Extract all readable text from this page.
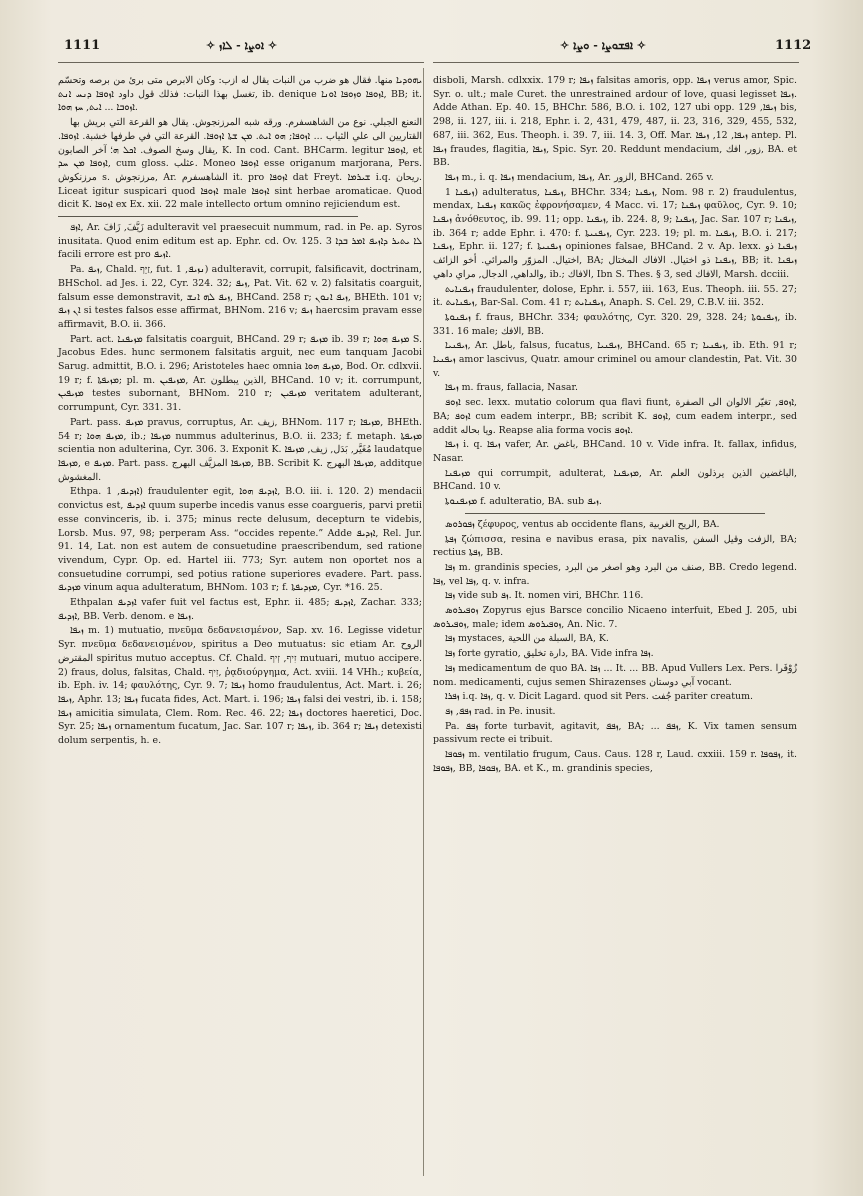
1111	✧ ܐܘܨܐ - ܠܐܙ ✧	✧ ܐܦܫܘܨܐ - ܘܨܐ ✧	1112

ܝܗܘܕܝܐ منها. فقال هو ضرب من النبات يقال له ازب: وكان الابرص متى برئ من برصه وتحسّم تغسل بهذا النبات: فذلك قول داود ܐܙܘܦܐ ܕܢܚ ܐܢܬ, ib. denique ܐܙܘܦܐ ܘܙܘܦܐ ܐܘܢܐ, BB; it. ܐܙܘܒܐ ... ܐܝܬ, ܚܙ ܗܘܐ.

النعنع الجبلي. نوع من الشاهسفرم. ورقه شبه المرزنجوش. يقال هو القرعة التي بريش بها القتاريين الى علي الثياب ... ܐܙܘܦܐ; ܗܘ ܐܝܬ. ܡܢ ܫܬܐ ܐܙܘܦܐ. القرعة التي في طرفها خشبة. ܐܙܘܦܐ. يقال وسخ الصوف. ܐܟܠ ܗ؛ آخر الصابون, K. In cod. Cant. BHCarm. legitur ܐܙܘܦܐ, et ܐܙܘܦܐ ܡܢ ܚܕ, cum gloss. عثلب. Moneo ܐܙܘܦܐ esse origanum marjorana, Pers. مرزنكوش s. مرزنجوش, Ar. الشاهسفرم it. pro ܐܙܘܦܐ dat Freyt. ܫܝܪܡܐ i.q. ريحان. Liceat igitur suspicari quod ܐܙܘܦܐ male ܐܙܘܦܐ sint herbae aromaticae. Quod dicit K. ܐܙܘܦܐ ex Ex. xii. 22 male intellecto ortum omnino rejiciendum est.

ܐܙܦ, Ar. زَيَّفَ, زَافَ adulteravit vel praesecuit nummum, rad. in Pe. ap. Syros inusitata. Quod enim editum est ap. Ephr. cd. Ov. 125. 3 ܠܐ ܝܬܝܪ ܕܐܙܝܦ ܐܡܪ ܒܕܐ facili errore est pro ܐܙܝܦ.

Pa. ܙܝܦ, Chald. זַיֵּף, fut. ܢܙܝܦ, 1) adulteravit, corrupit, falsificavit, doctrinam, BHSchol. ad Jes. i. 22, Cyr. 324. 32; ܙܝܦ, Pat. Vit. 62 v. 2) falsitatis coarguit, falsum esse demonstravit, ܙܝܦ ܠܗ ܐܢܫ, BHCand. 258 r; ܙܝܦ ܐܢܘܢ, BHEth. 101 v; ܐܢ ܙܝܦ si testes falsos esse affirmat, BHNom. 216 v; ܙܝܦ haercsim pravam esse affirmavit, B.O. ii. 366.

Part. act. ܡܙܝܦܢܐ falsitatis coarguit, BHCand. 29 r; ܡܙܝܦ ib. 39 r; ܡܙܝܦ ܗܘܐ S. Jacobus Edes. hunc sermonem falsitatis arguit, nec eum tanquam Jacobi Sarug. admittit, B.O. i. 296; Aristoteles haec omnia ܡܙܝܦ ܗܘܐ, Bod. Or. cdlxvii. 19 r; f. ܡܙܝܦܬܐ; pl. m. ܡܙܝܦܝܢ, Ar. الذين يبطلون, BHCand. 10 v; it. corrumpunt, ܡܙܝܦܝܢ testes subornant, BHNom. 210 r; ܡܙܝܦܝܢ veritatem adulterant, corrumpunt, Cyr. 331. 31.

Part. pass. ܡܙܝܦ pravus, corruptus, Ar. زيف, BHNom. 117 r; ܡܙܝܦܐ, BHEth. 54 r; ܡܙܝܦ ܗܘܐ, ib.; ܡܙܝܦܐ nummus adulterinus, B.O. ii. 233; f. metaph. ܡܙܝܦܬܐ scientia non adulterina, Cyr. 306. 3. Exponit K. مُغَيَّر, بَدَل, زيف, ܡܙܝܦܐ laudatque ܡܙܝܦܐ, e ܡܙܝܦ. Part. pass. ܡܙܝܦܐ المزيَّف البهرج, BB. Scribit K. ܡܙܝܦܐ البهرج, additque المغشوش.

Ethpa. ܐܙܕܝܦ, 1) fraudulenter egit, ܐܙܕܝܦ ܗܘܐ, B.O. iii. i. 120. 2) mendacii convictus est, ܐܙܕܝܦ quum superbe incedis vanus esse coargueris, parvi pretii esse convinceris, ib. i. 375; minus recte delusum, decepturn te videbis, Lorsb. Mus. 97, 98; perperam Ass. “occides repente.” Adde ܐܙܕܝܦ, Rel. Jur. 91. 14, Lat. non est autem de consuetudine praescribendum, sed ratione vivendum, Cypr. Op. ed. Hartel iii. 773; Syr. autem non oportet nos a consuetudine corrumpi, sed potius ratione superiores evadere. Part. pass. ܡܙܕܝܦ vinum aqua adulteratum, BHNom. 103 r; f. ܡܙܕܝܦܬܐ, Cyr. *16. 25.

Ethpalan ܐܙܕܝܦ vafer fuit vel factus est, Ephr. ii. 485; ܐܙܕܝܦ, Zachar. 333; ܐܙܕܝܦ, BB. Verb. denom. e ܙܝܦܐ.

ܙܝܦܐ m. 1) mutuatio, πνεῦμα δεδανεισμένον, Sap. xv. 16. Legisse videtur Syr. πνεῦμα δεδανεισμένον, spiritus a Deo mutuatus: sic etiam Ar. الروح المقترض spiritus mutuo acceptus. Cf. Chald. זִיף, זְיף mutuari, mutuo accipere. 2) fraus, dolus, falsitas, Chald. זִיף, ῥᾳδιούργημα, Act. xviii. 14 VHh.; κυβεία, ib. Eph. iv. 14; φαυλότης, Cyr. 9. 7; ܙܝܦܐ homo fraudulentus, Act. Mart. i. 26; ܙܝܦܐ, Aphr. 13; ܙܝܦܐ fucata fides, Act. Mart. i. 196; ܙܝܦܐ falsi dei vestri, ib. i. 158; ܙܝܦܐ amicitia simulata, Clem. Rom. Rec. 46. 22; ܙܝܦܐ doctores haeretici, Doc. Syr. 25; ܙܝܦܐ ornamentum fucatum, Jac. Sar. 107 r; ܙܝܦܐ, ib. 364 r; ܙܝܦܐ detexisti dolum serpentis, h. e.

disboli, Marsh. cdlxxix. 179 r; ܙܝܦܐ falsitas amoris, opp. ܙܝܦܐ verus amor, Spic. Syr. o. ult.; male Curet. the unrestrained ardour of love, quasi legisset ܙܝܦܐ. Adde Athan. Ep. 40. 15, BHChr. 586, B.O. i. 102, 127 ubi opp. ܙܝܦܐ, 129 bis, 298, ii. 127, iii. i. 218, Ephr. i. 2, 431, 479, 487, ii. 23, 316, 329, 455, 532, 687, iii. 362, Eus. Theoph. i. 39. 7, iii. 14. 3, Off. Mar. ܙܝܦܐ, 12, ܙܝܦܐ antep. Pl. ܙܝܦܐ fraudes, flagitia, ܙܝܦܐ, Spic. Syr. 20. Reddunt mendacium, زور, افك, BA. et BB.

ܙܝܦܐ m., i. q. ܙܝܦܐ mendacium, ܙܝܦܐ, Ar. الزور, BHCand. 265 v.

ܙܝܦܢܐ 1) adulteratus, ܙܝܦܢܐ, BHChr. 334; ܙܝܦܢܐ, Nom. 98 r. 2) fraudulentus, mendax, ܙܝܦܢܐ κακῶς ἐφρονήσαμεν, 4 Macc. vi. 17; ܙܝܦܢܐ φαῦλος, Cyr. 9. 10; ܙܝܦܢܐ ἀνόθευτος, ib. 99. 11; opp. ܙܝܦܢܐ, ib. 224. 8, 9; ܙܝܦܢܐ, Jac. Sar. 107 r; ܙܝܦܢܐ, ib. 364 r; adde Ephr. i. 470: f. ܙܝܦܢܝܬܐ, Cyr. 223. 19; pl. m. ܙܝܦܢܐ, B.O. i. 217; ܙܝܦܢܐ, Ephr. ii. 127; f. ܙܝܦܢܝܬܐ opiniones falsae, BHCand. 2 v. Ap. lexx. ܙܝܦܢܐ ذو اختيال. المزوّر والمرائي. أخو الزائف, BA; ܙܝܦܢܐ ذو اختيال. الافاك المختال, BB; it. ܙܝܦܢܐ والداهي, الدجال, مراي داهي, ib.; الافاك, Ibn S. Thes. § 3, sed الافاك, Marsh. dcciii.

ܙܝܦܢܐܝܬ fraudulenter, dolose, Ephr. i. 557, iii. 163, Eus. Theoph. iii. 55. 27; it. ܙܝܦܢܐܝܬ, Bar-Sal. Com. 41 r; ܙܝܦܢܐܝܬ, Anaph. S. Cel. 29, C.B.V. iii. 352.

ܙܝܦܢܘܬܐ f. fraus, BHChr. 334; φαυλότης, Cyr. 320. 29, 328. 24; ܙܝܦܢܘܬܐ, ib. 331. 16 male; الافك, BB.

ܙܝܦܢܝܐ, Ar. باطل, falsus, fucatus, ܙܝܦܢܝܐ, BHCand. 65 r; ܙܝܦܢܝܐ, ib. Eth. 91 r; ܙܝܦܢܝܐ amor lascivus, Quatr. amour criminel ou amour clandestin, Pat. Vit. 30 v.

ܙܝܦܐ m. fraus, fallacia, Nasar.

ܐܙܘܦ sec. lexx. mutatio colorum qua flavi fiunt, ܐܙܘܦ, تغيّر الالوان الى الصفرة, BA; ܐܙܘܦ cum eadem interpr., BB; scribit K. ܐܙܘܦ, cum eadem interpr., sed addit ويا بحاله. Reapse alia forma vocis ܐܙܘܦ.

ܙܝܦܐ i. q. ܙܝܦܐ vafer, Ar. باغض, BHCand. 10 v. Vide infra. It. fallax, infidus, Nasar.

ܡܙܝܦܢܐ qui corrumpit, adulterat, ܡܙܝܦܢܐ, Ar. الباغضين الذين يرذلون العلم, BHCand. 10 v.

ܡܙܝܦܢܘܬܐ f. adulteratio, BA. sub ܙܝܦ.

ܙܦܘܪܘܣ ζέφυρος, ventus ab occidente flans, الريح الغربية, BA.

ܙܦܬܐ ζώπισσα, resina e navibus erasa, pix navalis, الزفت وقيل السفن, BA; rectius ܙܦܬܐ, BB.

ܙܦܐ m. grandinis species, صنف من البرد وهو اصغر من البرد, BB. Credo legend. ܙܦܐ, vel ܙܦܐ, q. v. infra.

ܙܦܐ vide sub ܙܦ. It. nomen viri, BHChr. 116.

ܙܘܦܝܪܘܣ Zopyrus ejus Barsce concilio Nicaeno interfuit, Ebed J. 205, ubi ܙܘܦܝܪܘܣ, male; idem ܙܘܦܝܪܘܣ, An. Nic. 7.

ܙܦܐ mystaces, السبلة من اللحية, BA, K.

ܙܦܐ forte gyratio, دارة تخليق, BA. Vide infra ܙܦܐ.

ܙܦܐ medicamentum de quo BA. ܙܦܐ ... It. ... BB. Apud Vullers Lex. Pers. زُوْفَرا nom. medicamenti, cujus semen Shirazenses آبي دوستان vocant.

ܙܦܪܐ i.q. ܙܦܐ, q. v. Dicit Lagard. quod sit Pers. جُفت pariter creatum.

ܙܦܦ, ܙܦ rad. in Pe. inusit.

Pa. ܙܦܦ forte turbavit, agitavit, ܙܦܦ, BA; ... ܙܦܦ, K. Vix tamen sensum passivum recte ei tribuit.

ܙܦܘܦܐ m. ventilatio frugum, Caus. Caus. 128 r, Laud. cxxiii. 159 r. ܙܦܘܦܐ, it. ܙܦܘܦܐ, BB, ܙܦܘܦܐ, BA. et K., m. grandinis species,
